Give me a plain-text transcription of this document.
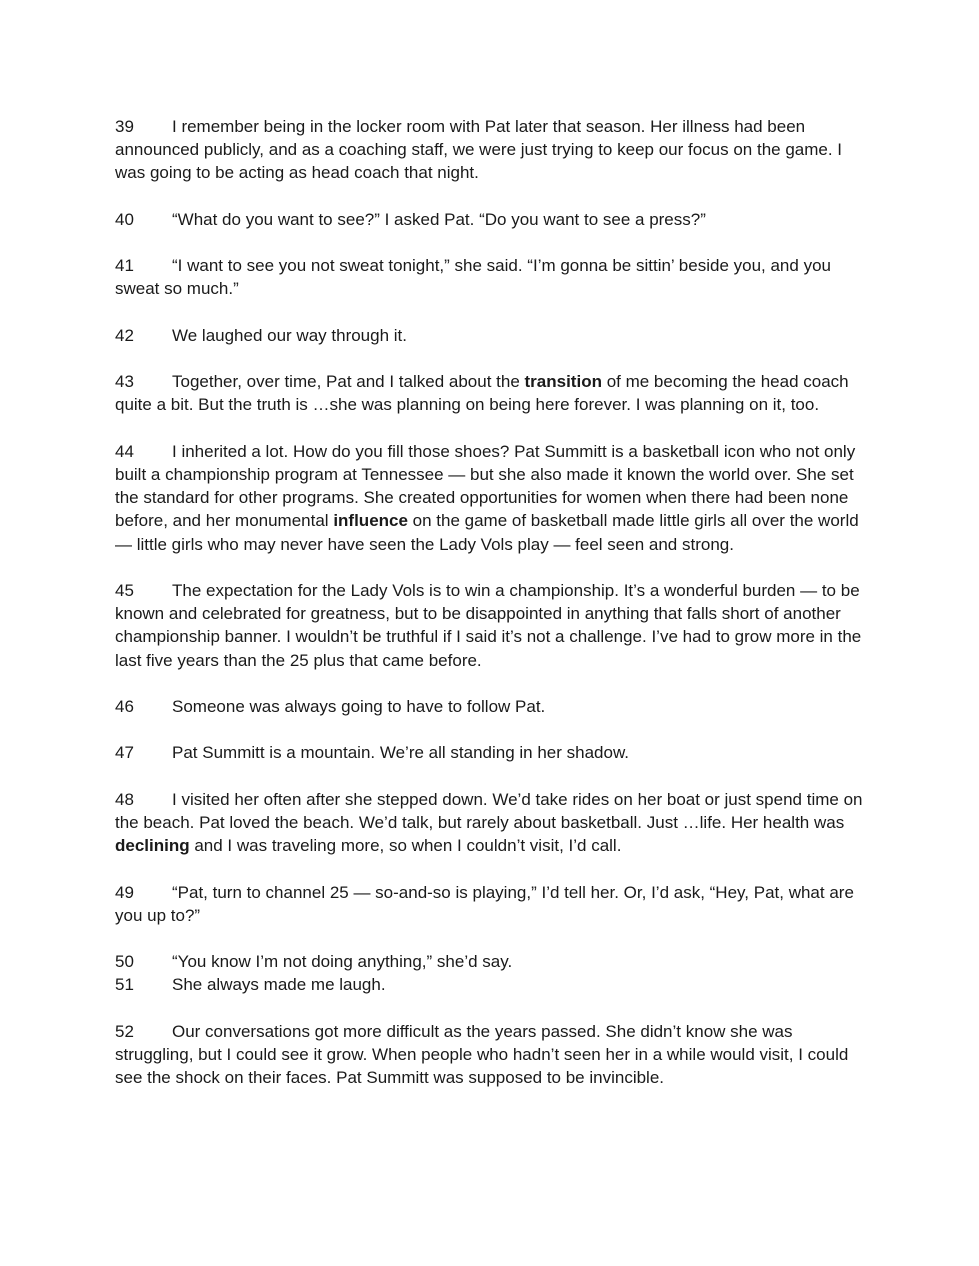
39 I remember being in the locker room with Pat later that season. Her illness had been announced publicly, and as a coaching staff, we were just trying to keep our focus on the game. I was going to be acting as head coach that night.

40 “What do you want to see?” I asked Pat. “Do you want to see a press?”

41 “I want to see you not sweat tonight,” she said. “I’m gonna be sittin’ beside you, and you sweat so much.”

42 We laughed our way through it.

43 Together, over time, Pat and I talked about the transition of me becoming the head coach quite a bit. But the truth is …she was planning on being here forever. I was planning on it, too.

44 I inherited a lot. How do you fill those shoes? Pat Summitt is a basketball icon who not only built a championship program at Tennessee — but she also made it known the world over. She set the standard for other programs. She created opportunities for women when there had been none before, and her monumental influence on the game of basketball made little girls all over the world — little girls who may never have seen the Lady Vols play — feel seen and strong.

45 The expectation for the Lady Vols is to win a championship. It’s a wonderful burden — to be known and celebrated for greatness, but to be disappointed in anything that falls short of another championship banner. I wouldn’t be truthful if I said it’s not a challenge. I’ve had to grow more in the last five years than the 25 plus that came before.

46 Someone was always going to have to follow Pat.

47 Pat Summitt is a mountain. We’re all standing in her shadow.

48 I visited her often after she stepped down. We’d take rides on her boat or just spend time on the beach. Pat loved the beach. We’d talk, but rarely about basketball. Just …life. Her health was declining and I was traveling more, so when I couldn’t visit, I’d call.

49 “Pat, turn to channel 25 — so-and-so is playing,” I’d tell her. Or, I’d ask, “Hey, Pat, what are you up to?”

50 “You know I’m not doing anything,” she’d say.

51 She always made me laugh.

52 Our conversations got more difficult as the years passed. She didn’t know she was struggling, but I could see it grow. When people who hadn’t seen her in a while would visit, I could see the shock on their faces. Pat Summitt was supposed to be invincible.
